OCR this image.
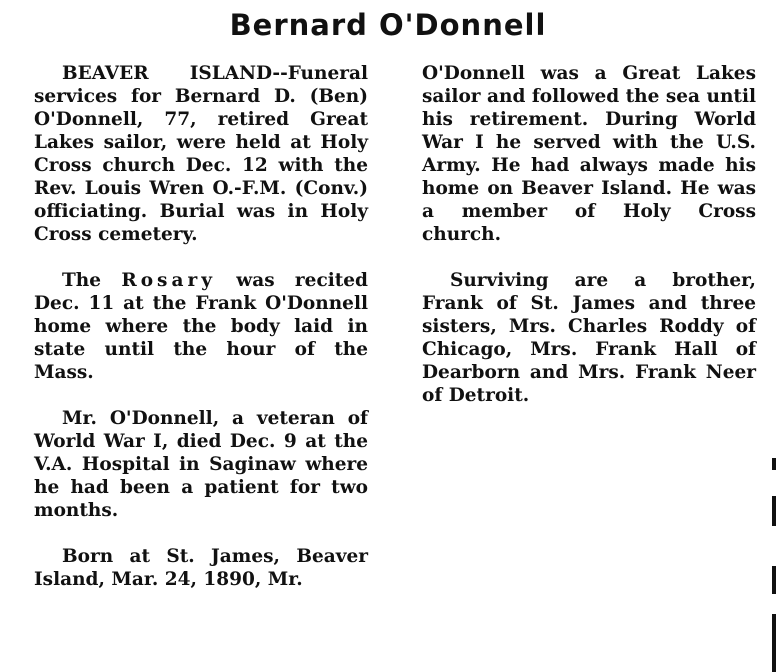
Bernard O'Donnell

BEAVER ISLAND--Funeral services for Bernard D. (Ben) O'Donnell, 77, retired Great Lakes sailor, were held at Holy Cross church Dec. 12 with the Rev. Louis Wren O.-F.M. (Conv.) officiating. Burial was in Holy Cross cemetery.

The Rosary was recited Dec. 11 at the Frank O'Donnell home where the body laid in state until the hour of the Mass.

Mr. O'Donnell, a veteran of World War I, died Dec. 9 at the V.A. Hospital in Saginaw where he had been a patient for two months.

Born at St. James, Beaver Island, Mar. 24, 1890, Mr.

O'Donnell was a Great Lakes sailor and followed the sea until his retirement. During World War I he served with the U.S. Army. He had always made his home on Beaver Island. He was a member of Holy Cross church.

Surviving are a brother, Frank of St. James and three sisters, Mrs. Charles Roddy of Chicago, Mrs. Frank Hall of Dearborn and Mrs. Frank Neer of Detroit.
